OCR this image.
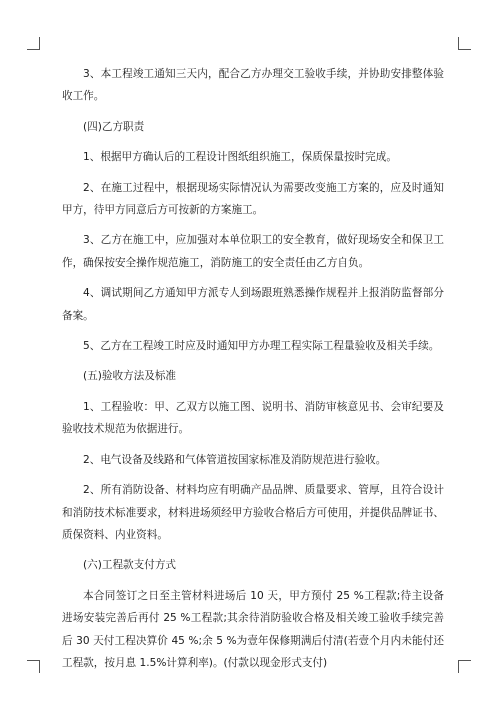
3、本工程竣工通知三天内，配合乙方办理交工验收手续，并协助安排整体验收工作。

(四)乙方职责

1、根据甲方确认后的工程设计图纸组织施工，保质保量按时完成。

2、在施工过程中，根据现场实际情况认为需要改变施工方案的，应及时通知甲方，待甲方同意后方可按新的方案施工。

3、乙方在施工中，应加强对本单位职工的安全教育，做好现场安全和保卫工作，确保按安全操作规范施工，消防施工的安全责任由乙方自负。

4、调试期间乙方通知甲方派专人到场跟班熟悉操作规程并上报消防监督部分备案。

5、乙方在工程竣工时应及时通知甲方办理工程实际工程量验收及相关手续。

(五)验收方法及标准

1、工程验收：甲、乙双方以施工图、说明书、消防审核意见书、会审纪要及验收技术规范为依据进行。

2、电气设备及线路和气体管道按国家标准及消防规范进行验收。

2、所有消防设备、材料均应有明确产品品牌、质量要求、管厚，且符合设计和消防技术标准要求，材料进场须经甲方验收合格后方可使用，并提供品牌证书、质保资料、内业资料。

(六)工程款支付方式

本合同签订之日至主管材料进场后 10 天，甲方预付 25 %工程款;待主设备进场安装完善后再付 25 %工程款;其余待消防验收合格及相关竣工验收手续完善后 30 天付工程决算价 45 %;余 5 %为壹年保修期满后付清(若壹个月内未能付还工程款，按月息 1.5%计算利率)。(付款以现金形式支付)
